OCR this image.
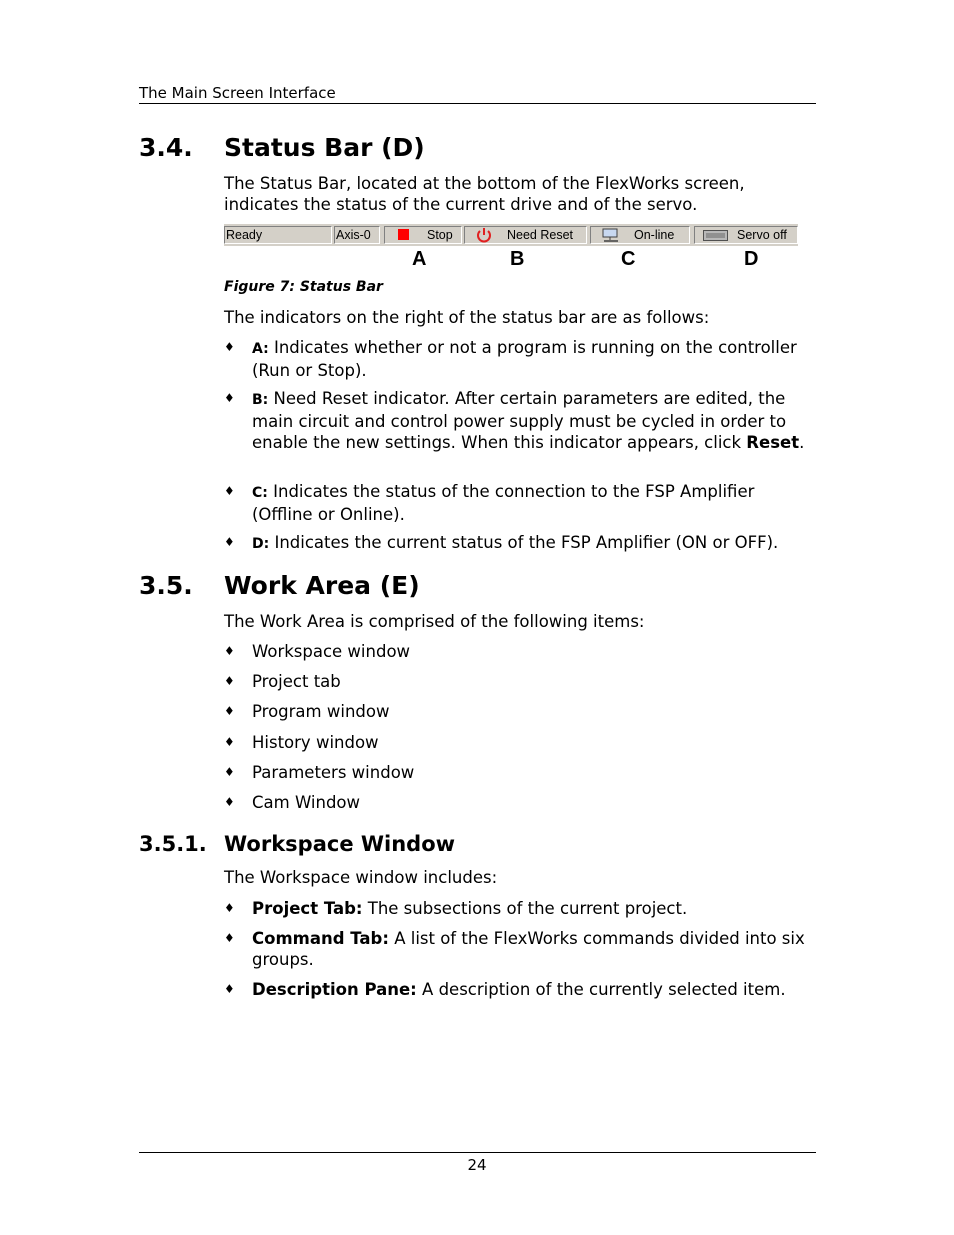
The Main Screen Interface
3.4. Status Bar (D)
The Status Bar, located at the bottom of the FlexWorks screen,
indicates the status of the current drive and of the servo.
Ready	Axis-0	Stop	Need Reset	On-line	Servo off
A	B	C	D
Figure 7: Status Bar
The indicators on the right of the status bar are as follows:
♦ A: Indicates whether or not a program is running on the controller (Run or Stop).
♦ B: Need Reset indicator. After certain parameters are edited, the main circuit and control power supply must be cycled in order to enable the new settings. When this indicator appears, click Reset.
♦ C: Indicates the status of the connection to the FSP Amplifier (Offline or Online).
♦ D: Indicates the current status of the FSP Amplifier (ON or OFF).
3.5. Work Area (E)
The Work Area is comprised of the following items:
♦ Workspace window
♦ Project tab
♦ Program window
♦ History window
♦ Parameters window
♦ Cam Window
3.5.1. Workspace Window
The Workspace window includes:
♦ Project Tab: The subsections of the current project.
♦ Command Tab: A list of the FlexWorks commands divided into six groups.
♦ Description Pane: A description of the currently selected item.
24
